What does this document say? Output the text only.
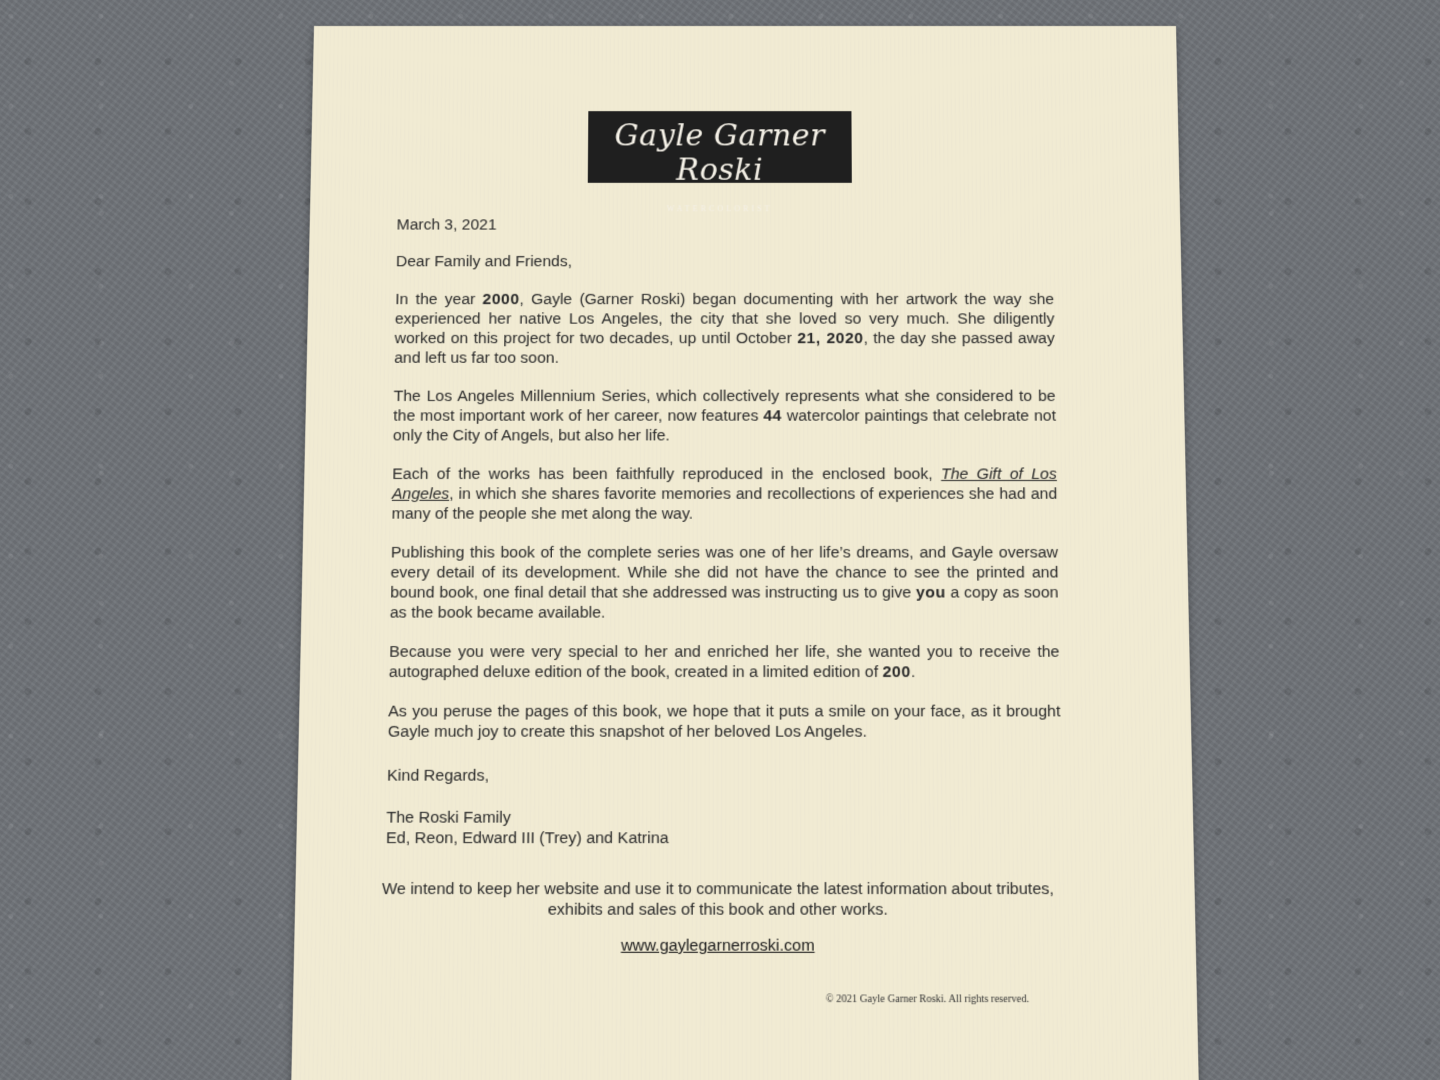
Gayle Garner Roski
WATERCOLORIST

March 3, 2021

Dear Family and Friends,

In the year 2000, Gayle (Garner Roski) began documenting with her artwork the way she experienced her native Los Angeles, the city that she loved so very much. She diligently worked on this project for two decades, up until October 21, 2020, the day she passed away and left us far too soon.

The Los Angeles Millennium Series, which collectively represents what she considered to be the most important work of her career, now features 44 watercolor paintings that celebrate not only the City of Angels, but also her life.

Each of the works has been faithfully reproduced in the enclosed book, The Gift of Los Angeles, in which she shares favorite memories and recollections of experiences she had and many of the people she met along the way.

Publishing this book of the complete series was one of her life’s dreams, and Gayle oversaw every detail of its development. While she did not have the chance to see the printed and bound book, one final detail that she addressed was instructing us to give you a copy as soon as the book became available.

Because you were very special to her and enriched her life, she wanted you to receive the autographed deluxe edition of the book, created in a limited edition of 200.

As you peruse the pages of this book, we hope that it puts a smile on your face, as it brought Gayle much joy to create this snapshot of her beloved Los Angeles.

Kind Regards,

The Roski Family

Ed, Reon, Edward III (Trey) and Katrina

We intend to keep her website and use it to communicate the latest information about tributes, exhibits and sales of this book and other works.
www.gaylegarnerroski.com
© 2021 Gayle Garner Roski. All rights reserved.
